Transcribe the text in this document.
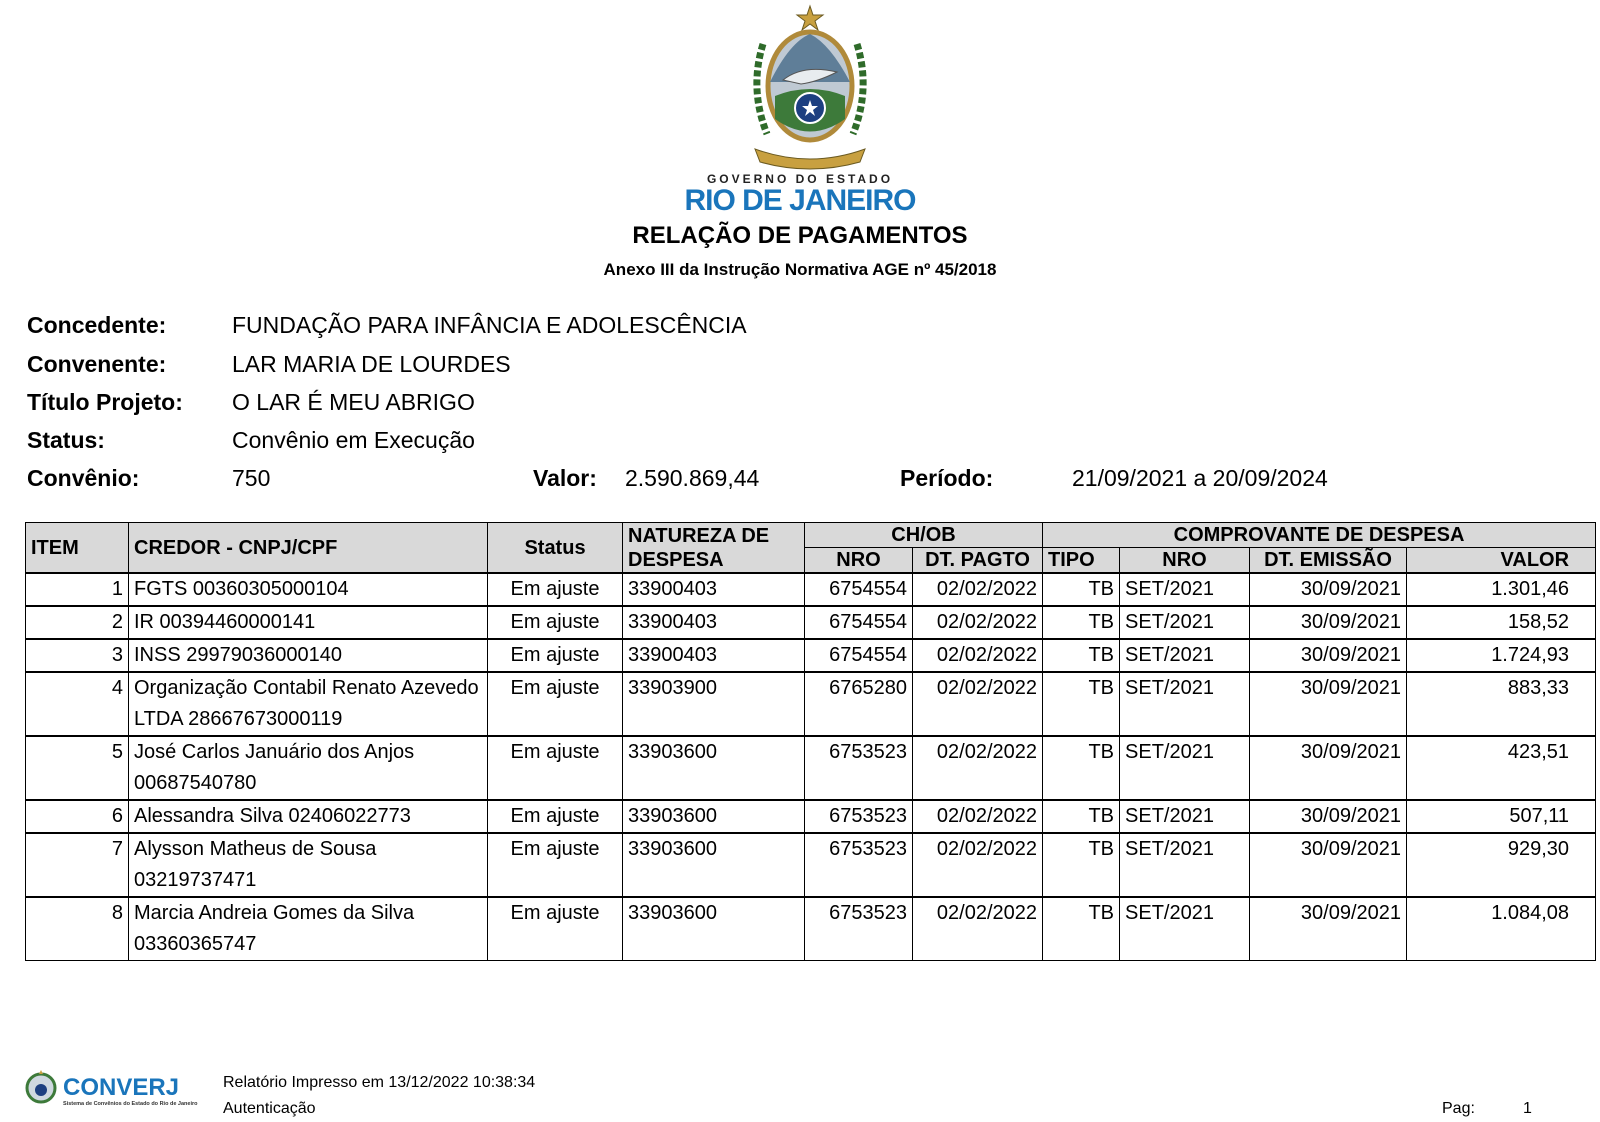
GOVERNO DO ESTADO
RIO DE JANEIRO
RELAÇÃO DE PAGAMENTOS
Anexo III da Instrução Normativa AGE nº 45/2018
Concedente:	FUNDAÇÃO PARA INFÂNCIA E ADOLESCÊNCIA
Convenente:	LAR MARIA DE LOURDES
Título Projeto: O LAR É MEU ABRIGO
Status:	Convênio em Execução
Convênio:	750	Valor: 2.590.869,44	Período:	21/09/2021 a 20/09/2024
ITEM	CREDOR - CNPJ/CPF	Status	NATUREZA DE DESPESA	CH/OB		COMPROVANTE DE DESPESA			
				NRO	DT. PAGTO	TIPO	NRO	DT. EMISSÃO	VALOR
1	FGTS 00360305000104	Em ajuste	33900403	6754554	02/02/2022	TB	SET/2021	30/09/2021	1.301,46
2	IR 00394460000141	Em ajuste	33900403	6754554	02/02/2022	TB	SET/2021	30/09/2021	158,52
3	INSS 29979036000140	Em ajuste	33900403	6754554	02/02/2022	TB	SET/2021	30/09/2021	1.724,93
4	Organização Contabil Renato Azevedo LTDA 28667673000119	Em ajuste	33903900	6765280	02/02/2022	TB	SET/2021	30/09/2021	883,33
5	José Carlos Januário dos Anjos 00687540780	Em ajuste	33903600	6753523	02/02/2022	TB	SET/2021	30/09/2021	423,51
6	Alessandra Silva 02406022773	Em ajuste	33903600	6753523	02/02/2022	TB	SET/2021	30/09/2021	507,11
7	Alysson Matheus de Sousa 03219737471	Em ajuste	33903600	6753523	02/02/2022	TB	SET/2021	30/09/2021	929,30
8	Marcia Andreia Gomes da Silva 03360365747	Em ajuste	33903600	6753523	02/02/2022	TB	SET/2021	30/09/2021	1.084,08
CONVERJ
Sistema de Convênios do Estado do Rio de Janeiro
Relatório Impresso em 13/12/2022 10:38:34
Autenticação	Pag:	1
